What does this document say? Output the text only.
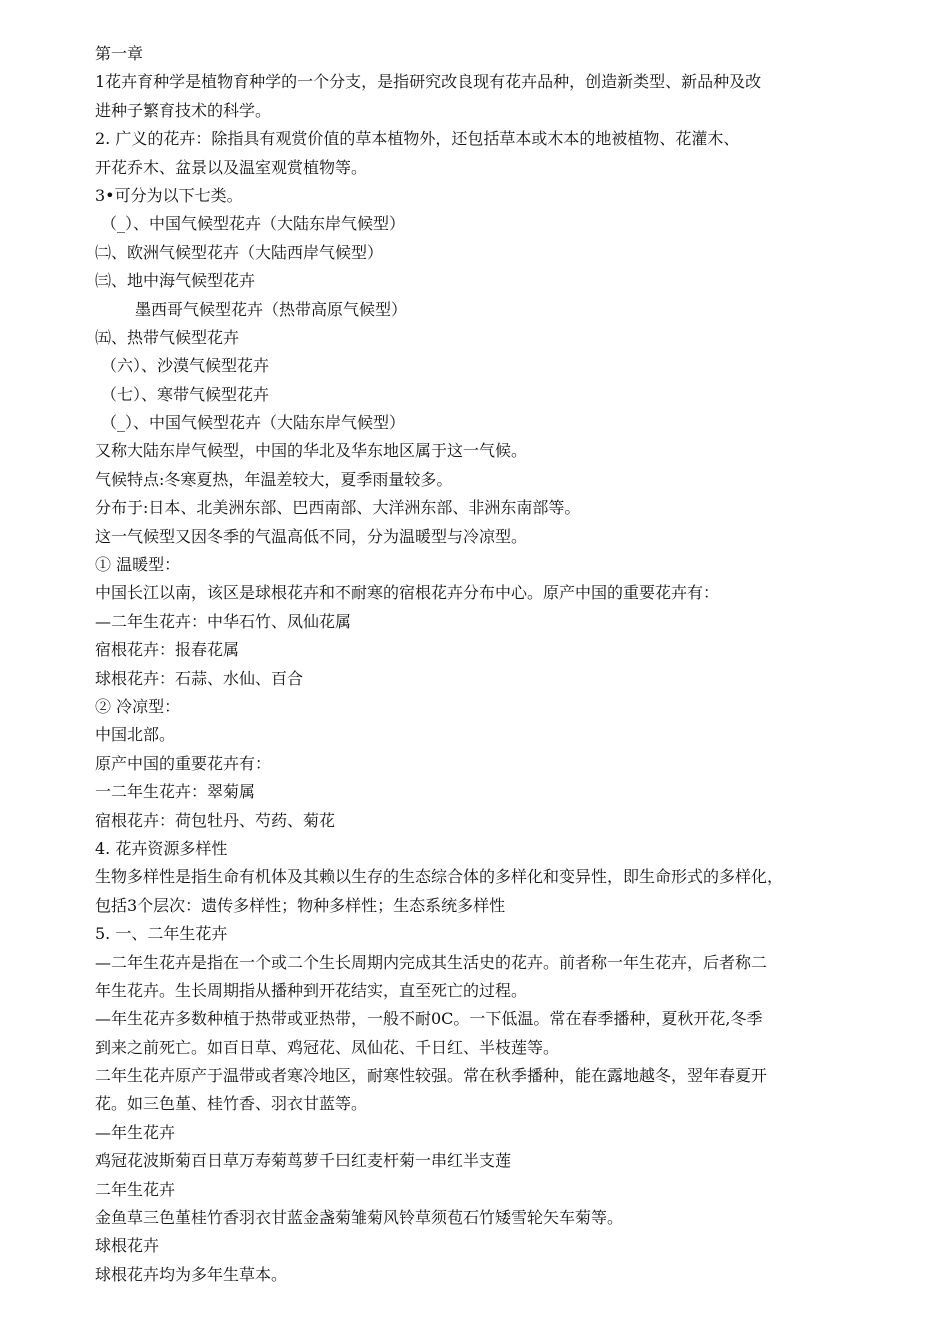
第一章
1花卉育种学是植物育种学的一个分支，是指研究改良现有花卉品种，创造新类型、新品种及改
进种子繁育技术的科学。
2. 广义的花卉：除指具有观赏价值的草本植物外，还包括草本或木本的地被植物、花灌木、
开花乔木、盆景以及温室观赏植物等。
3•可分为以下七类。
（_）、中国气候型花卉（大陆东岸气候型）
㈡、欧洲气候型花卉（大陆西岸气候型）
㈢、地中海气候型花卉
墨西哥气候型花卉（热带高原气候型）
㈤、热带气候型花卉
（六）、沙漠气候型花卉
（七）、寒带气候型花卉
（_）、中国气候型花卉（大陆东岸气候型）
又称大陆东岸气候型，中国的华北及华东地区属于这一气候。
气候特点:冬寒夏热，年温差较大，夏季雨量较多。
分布于:日本、北美洲东部、巴西南部、大洋洲东部、非洲东南部等。
这一气候型又因冬季的气温高低不同，分为温暖型与冷凉型。
① 温暖型：
中国长江以南，该区是球根花卉和不耐寒的宿根花卉分布中心。原产中国的重要花卉有：
—二年生花卉：中华石竹、凤仙花属
宿根花卉：报春花属
球根花卉：石蒜、水仙、百合
② 冷凉型：
中国北部。
原产中国的重要花卉有：
一二年生花卉：翠菊属
宿根花卉：荷包牡丹、芍药、菊花
4. 花卉资源多样性
生物多样性是指生命有机体及其赖以生存的生态综合体的多样化和变异性，即生命形式的多样化，
包括3个层次：遗传多样性；物种多样性；生态系统多样性
5. 一、二年生花卉
—二年生花卉是指在一个或二个生长周期内完成其生活史的花卉。前者称一年生花卉，后者称二
年生花卉。生长周期指从播种到开花结实，直至死亡的过程。
—年生花卉多数种植于热带或亚热带，一般不耐0C。一下低温。常在春季播种，夏秋开花,冬季
到来之前死亡。如百日草、鸡冠花、凤仙花、千日红、半枝莲等。
二年生花卉原产于温带或者寒冷地区，耐寒性较强。常在秋季播种，能在露地越冬，翌年春夏开
花。如三色堇、桂竹香、羽衣甘蓝等。
—年生花卉
鸡冠花波斯菊百日草万寿菊茑萝千曰红麦杆菊一串红半支莲
二年生花卉
金鱼草三色堇桂竹香羽衣甘蓝金盏菊雏菊风铃草须苞石竹矮雪轮矢车菊等。
球根花卉
球根花卉均为多年生草本。
